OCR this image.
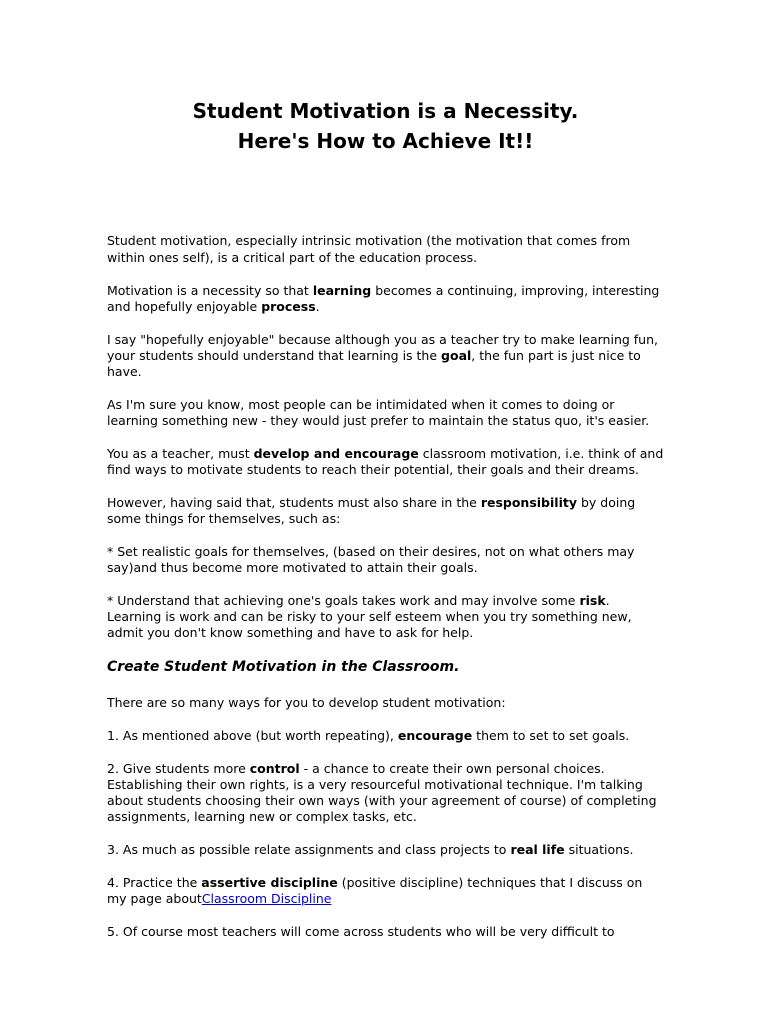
Student Motivation is a Necessity.
Here's How to Achieve It!!

Student motivation, especially intrinsic motivation (the motivation that comes from within ones self), is a critical part of the education process.

Motivation is a necessity so that learning becomes a continuing, improving, interesting and hopefully enjoyable process.

I say "hopefully enjoyable" because although you as a teacher try to make learning fun, your students should understand that learning is the goal, the fun part is just nice to have.

As I'm sure you know, most people can be intimidated when it comes to doing or learning something new - they would just prefer to maintain the status quo, it's easier.

You as a teacher, must develop and encourage classroom motivation, i.e. think of and find ways to motivate students to reach their potential, their goals and their dreams.

However, having said that, students must also share in the responsibility by doing some things for themselves, such as:

* Set realistic goals for themselves, (based on their desires, not on what others may say)and thus become more motivated to attain their goals.

* Understand that achieving one's goals takes work and may involve some risk. Learning is work and can be risky to your self esteem when you try something new, admit you don't know something and have to ask for help.

Create Student Motivation in the Classroom.

There are so many ways for you to develop student motivation:

1. As mentioned above (but worth repeating), encourage them to set to set goals.

2. Give students more control - a chance to create their own personal choices. Establishing their own rights, is a very resourceful motivational technique. I'm talking about students choosing their own ways (with your agreement of course) of completing assignments, learning new or complex tasks, etc.

3. As much as possible relate assignments and class projects to real life situations.

4. Practice the assertive discipline (positive discipline) techniques that I discuss on my page aboutClassroom Discipline

5. Of course most teachers will come across students who will be very difficult to
